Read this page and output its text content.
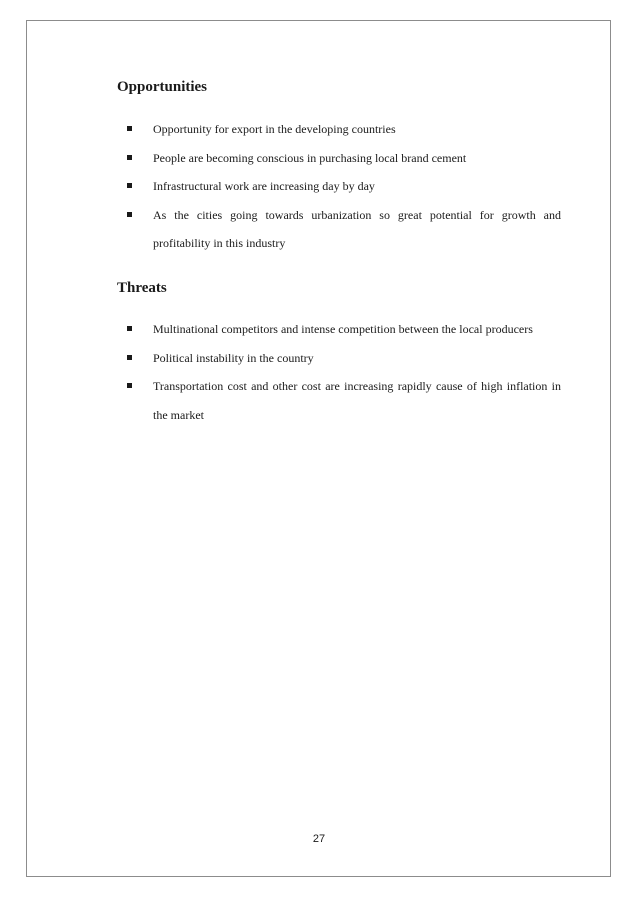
Opportunities
Opportunity for export in the developing countries
People are becoming conscious in purchasing local brand cement
Infrastructural work are increasing day by day
As the cities going towards urbanization so great potential for growth and profitability in this industry
Threats
Multinational competitors and intense competition between the local producers
Political instability in the country
Transportation cost and other cost are increasing rapidly cause of high inflation in the market
27
